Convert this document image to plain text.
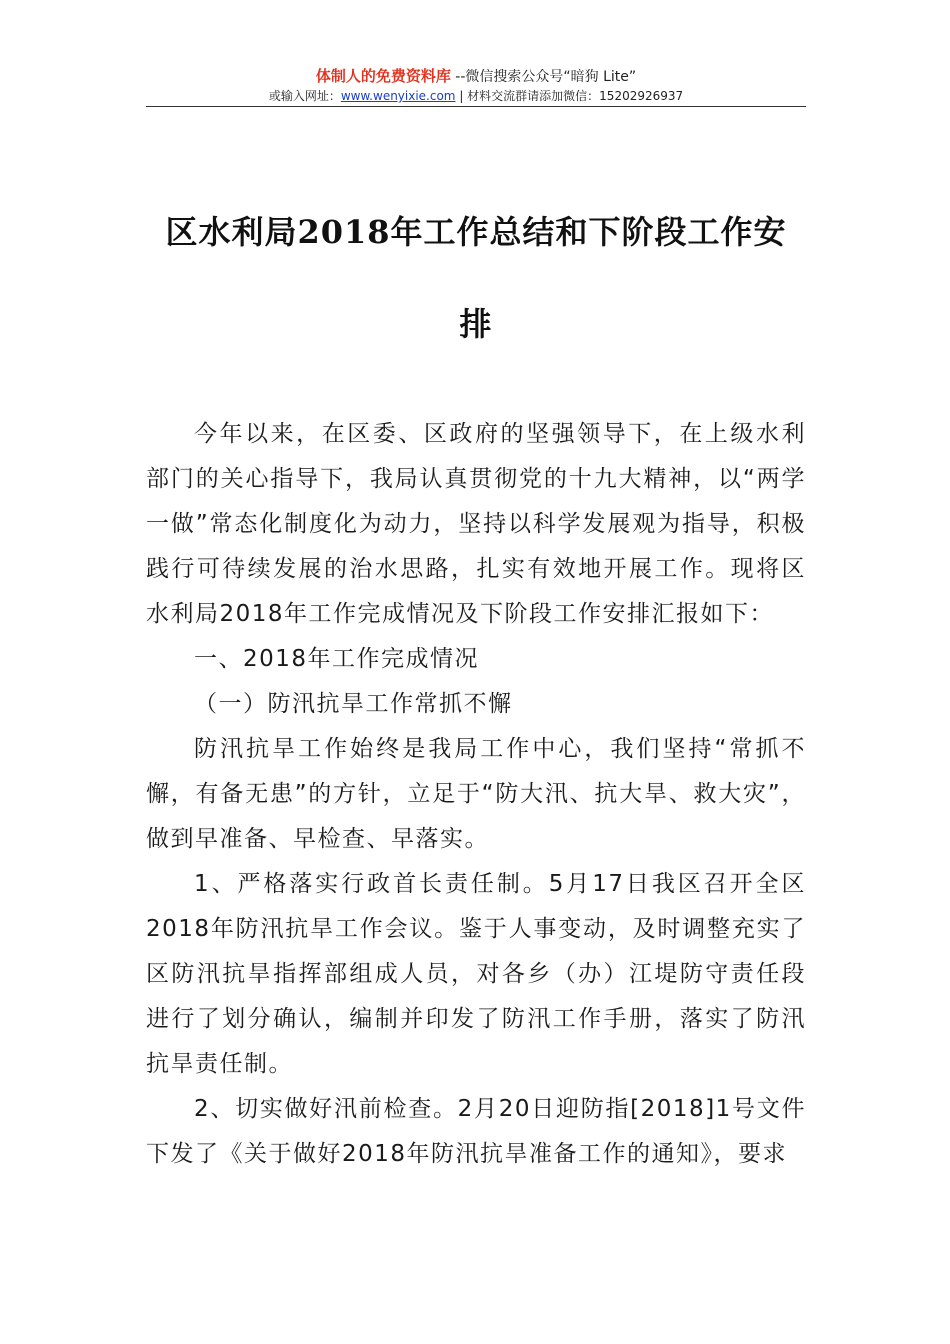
体制人的免费资料库 --微信搜索公众号“暗狗 Lite”
或输入网址：www.wenyixie.com | 材料交流群请添加微信：15202926937
区水利局2018年工作总结和下阶段工作安
排

今年以来，在区委、区政府的坚强领导下，在上级水利部门的关心指导下，我局认真贯彻党的十九大精神，以“两学一做”常态化制度化为动力，坚持以科学发展观为指导，积极践行可待续发展的治水思路，扎实有效地开展工作。现将区水利局2018年工作完成情况及下阶段工作安排汇报如下：

一、2018年工作完成情况

（一）防汛抗旱工作常抓不懈

防汛抗旱工作始终是我局工作中心，我们坚持“常抓不懈，有备无患”的方针，立足于“防大汛、抗大旱、救大灾”，做到早准备、早检查、早落实。

1、严格落实行政首长责任制。5月17日我区召开全区2018年防汛抗旱工作会议。鉴于人事变动，及时调整充实了区防汛抗旱指挥部组成人员，对各乡（办）江堤防守责任段进行了划分确认，编制并印发了防汛工作手册，落实了防汛抗旱责任制。

2、切实做好汛前检查。2月20日迎防指[2018]1号文件下发了《关于做好2018年防汛抗旱准备工作的通知》，要求
